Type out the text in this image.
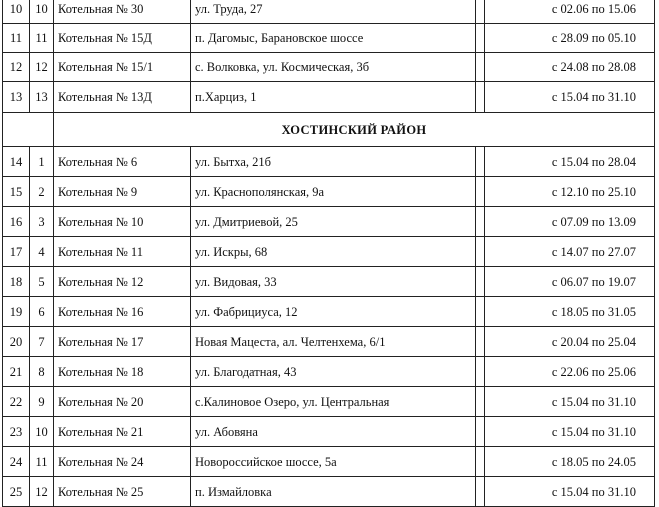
10	10	Котельная № 30	ул. Труда, 27		с 02.06 по 15.06
11	11	Котельная № 15Д	п. Дагомыс, Барановское шоссе		с 28.09 по 05.10
12	12	Котельная № 15/1	с. Волковка, ул. Космическая, 3б		с 24.08 по 28.08
13	13	Котельная № 13Д	п.Харциз, 1		с 15.04 по 31.10
		ХОСТИНСКИЙ РАЙОН			
14	1	Котельная № 6	ул. Бытха, 21б		с 15.04 по 28.04
15	2	Котельная № 9	ул. Краснополянская, 9а		с 12.10 по 25.10
16	3	Котельная № 10	ул. Дмитриевой, 25		с 07.09 по 13.09
17	4	Котельная № 11	ул. Искры, 68		с 14.07 по 27.07
18	5	Котельная № 12	ул. Видовая, 33		с 06.07 по 19.07
19	6	Котельная № 16	ул. Фабрициуса, 12		с 18.05 по 31.05
20	7	Котельная № 17	Новая Мацеста, ал. Челтенхема, 6/1		с 20.04 по 25.04
21	8	Котельная № 18	ул. Благодатная, 43		с 22.06 по 25.06
22	9	Котельная № 20	с.Калиновое Озеро, ул. Центральная		с 15.04 по 31.10
23	10	Котельная № 21	ул. Абовяна		с 15.04 по 31.10
24	11	Котельная № 24	Новороссийское шоссе, 5а		с 18.05 по 24.05
25	12	Котельная № 25	п. Измайловка		с 15.04 по 31.10
